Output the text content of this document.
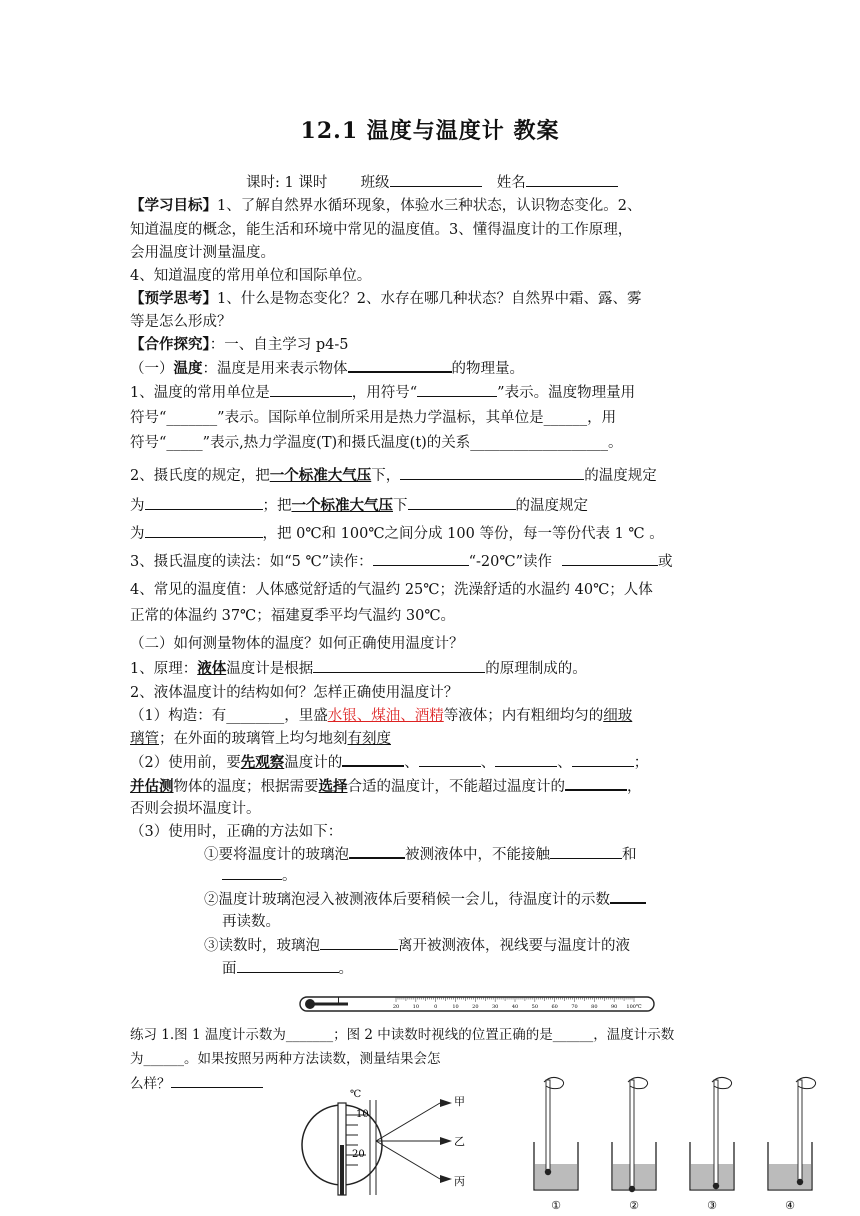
12.1 温度与温度计 教案
课时: 1 课时 班级	姓名
【学习目标】1、了解自然界水循环现象，体验水三种状态，认识物态变化。2、
知道温度的概念，能生活和环境中常见的温度值。3、懂得温度计的工作原理，
会用温度计测量温度。
4、知道温度的常用单位和国际单位。
【预学思考】1、什么是物态变化？2、水存在哪几种状态？自然界中霜、露、雾
等是怎么形成？
【合作探究】：一、自主学习 p4-5
（一）温度：温度是用来表示物体	的物理量。
1、温度的常用单位是	，用符号“	”表示。温度物理量用
符号“_______”表示。国际单位制所采用是热力学温标，其单位是______，用
符号“_____”表示,热力学温度(T)和摄氏温度(t)的关系___________________。
2、摄氏度的规定，把一个标准大气压下，	的温度规定
为	；把一个标准大气压下	的温度规定
为	，把 0℃和 100℃之间分成 100 等份，每一等份代表 1 ℃ 。
3、摄氏温度的读法：如“5 ℃”读作：	“-20℃”读作	或
4、常见的温度值：人体感觉舒适的气温约 25℃；洗澡舒适的水温约 40℃；人体
正常的体温约 37℃；福建夏季平均气温约 30℃。
（二）如何测量物体的温度？如何正确使用温度计？
1、原理：液体温度计是根据	的原理制成的。
2、液体温度计的结构如何？怎样正确使用温度计？
（1）构造：有________，里盛水银、煤油、酒精等液体；内有粗细均匀的细玻
璃管；在外面的玻璃管上均匀地刻有刻度
（2）使用前，要先观察温度计的	、	、	、	；
并估测物体的温度；根据需要选择合适的温度计，不能超过温度计的	，
否则会损坏温度计。
（3）使用时，正确的方法如下：
①要将温度计的玻璃泡	被测液体中，不能接触	和
。
②温度计玻璃泡浸入被测液体后要稍候一会儿，待温度计的示数
再读数。
③读数时，玻璃泡	离开被测液体，视线要与温度计的液
面	。
20	10	0	10	20	30	40	50	60	70	80	90 100℃
练习 1.图 1 温度计示数为_______；图 2 中读数时视线的位置正确的是______，温度计示数
为______。如果按照另两种方法读数，测量结果会怎
么样？
℃
10
20
甲
乙
丙
①	②	③	④
